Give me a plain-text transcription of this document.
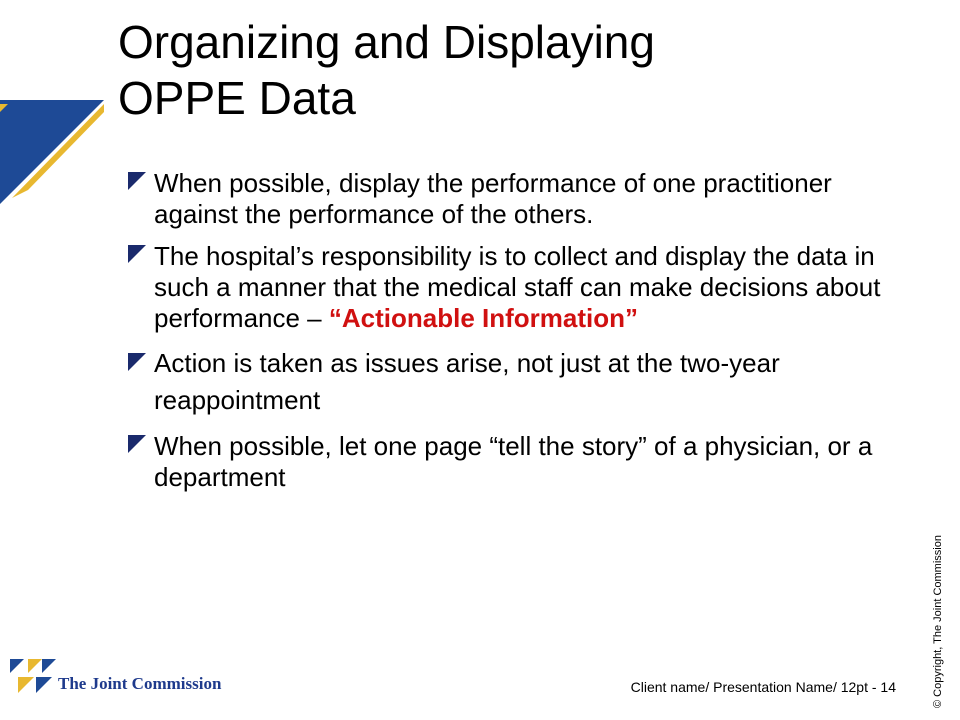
Organizing and Displaying
OPPE Data
When possible, display the performance of one practitioner against the performance of the others.
The hospital’s responsibility is to collect and display the data in such a manner that the medical staff can make decisions about performance – “Actionable Information”
Action is taken as issues arise, not just at the two-year reappointment
When possible, let one page “tell the story” of a physician, or a department
© Copyright, The Joint Commission
The Joint Commission	Client name/ Presentation Name/ 12pt - 14
